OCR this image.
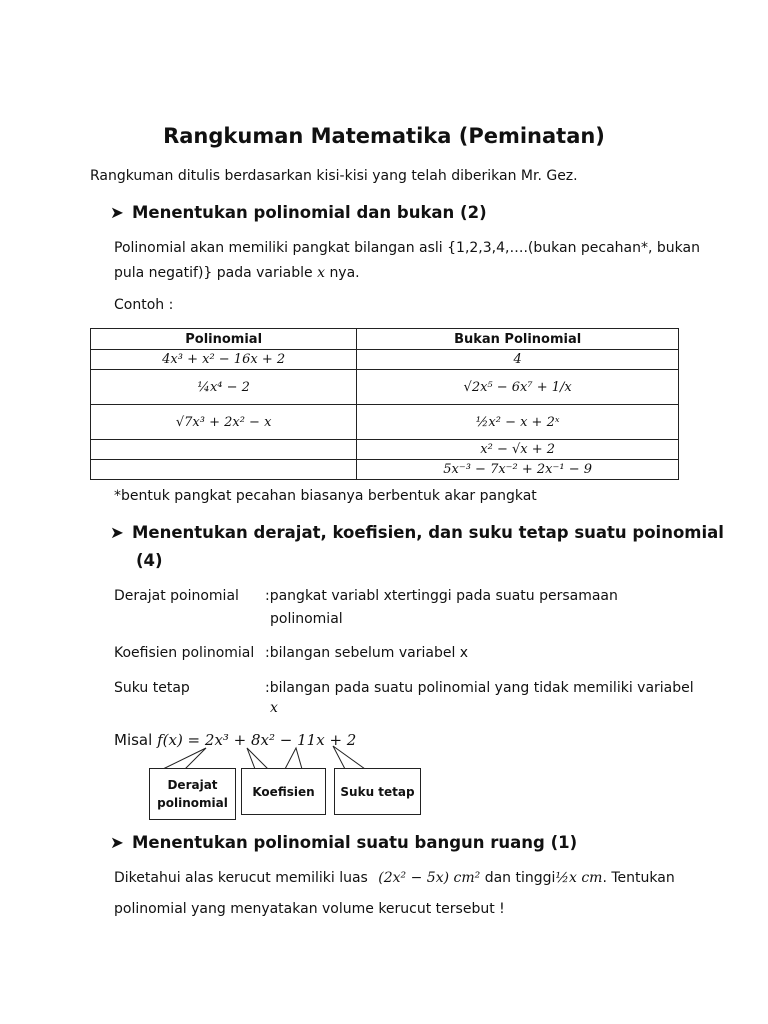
Rangkuman Matematika (Peminatan)
Rangkuman ditulis berdasarkan kisi-kisi yang telah diberikan Mr. Gez.
➤ Menentukan polinomial dan bukan (2)
Polinomial akan memiliki pangkat bilangan asli {1,2,3,4,….(bukan pecahan*, bukan
pula negatif)} pada variable x nya.
Contoh :
Polinomial	Bukan Polinomial
4x³ + x² − 16x + 2	4
¼x⁴ − 2	√2x⁵ − 6x⁷ + 1/x
√7x³ + 2x² − x	½x² − x + 2ˣ
	x² − √x + 2
	5x⁻³ − 7x⁻² + 2x⁻¹ − 9
*bentuk pangkat pecahan biasanya berbentuk akar pangkat
➤ Menentukan derajat, koefisien, dan suku tetap suatu poinomial
(4)
Derajat poinomial :pangkat variabl xtertinggi pada suatu persamaan
polinomial
Koefisien polinomial :bilangan sebelum variabel x
Suku tetap	:bilangan pada suatu polinomial yang tidak memiliki variabel
x
Misal f(x) = 2x³ + 8x² − 11x + 2
Derajat
polinomial
Koefisien	Suku tetap
➤ Menentukan polinomial suatu bangun ruang (1)
Diketahui alas kerucut memiliki luas (2x² − 5x) cm² dan tinggi½x cm. Tentukan
polinomial yang menyatakan volume kerucut tersebut !
